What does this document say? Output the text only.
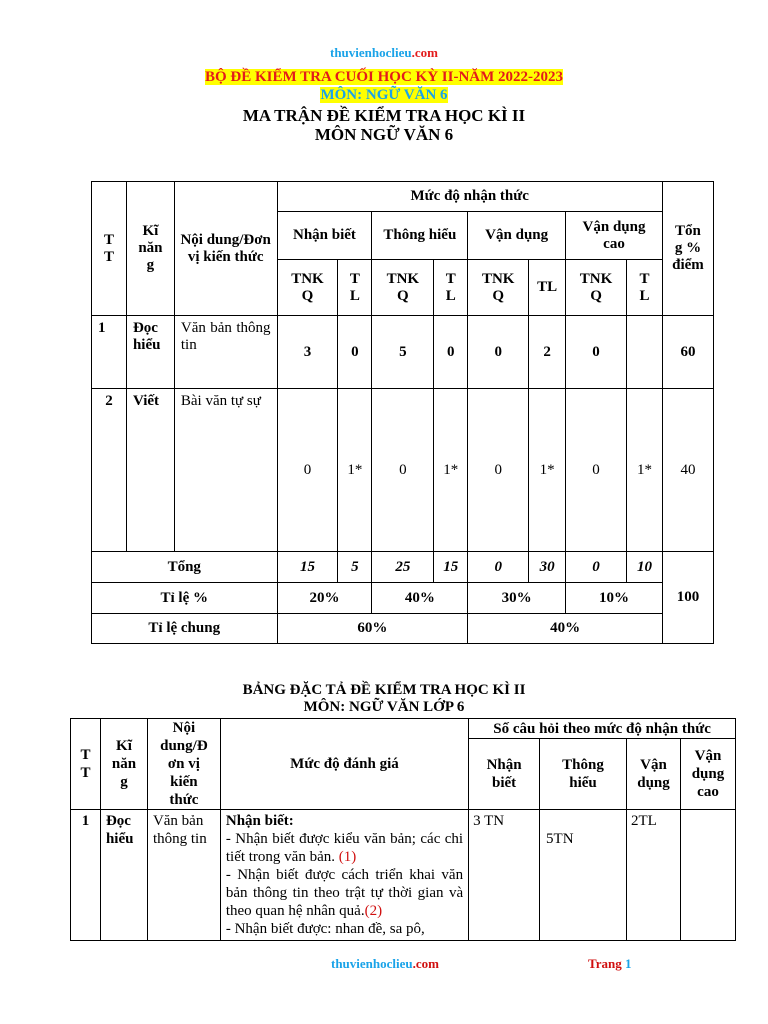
thuvienhoclieu.com
BỘ ĐỀ KIỂM TRA CUỐI HỌC KỲ II-NĂM 2022-2023
MÔN: NGỮ VĂN 6
MA TRẬN ĐỀ KIỂM TRA HỌC KÌ II
MÔN NGỮ VĂN 6
T T	Kĩ năn g	Nội dung/Đơn vị kiến thức	Mức độ nhận thức								Tổn g % điểm
			Nhận biết		Thông hiểu		Vận dụng		Vận dụng cao		
			TNK Q	T L	TNK Q	T L	TNK Q	TL	TNK Q	T L	
1	Đọc hiểu	Văn bản thông tin	3	0	5	0	0	2	0		60
2	Viết	Bài văn tự sự	0	1*	0	1*	0	1*	0	1*	40
Tổng			15	5	25	15	0	30	0	10	100
Tỉ lệ %			20%		40%		30%		10%		
Tỉ lệ chung			60%				40%				
BẢNG ĐẶC TẢ ĐỀ KIỂM TRA HỌC KÌ II
MÔN: NGỮ VĂN LỚP 6
T T	Kĩ năn g	Nội dung/Đ ơn vị kiến thức	Mức độ đánh giá	Số câu hỏi theo mức độ nhận thức			
				Nhận biết	Thông hiểu	Vận dụng	Vận dụng cao
1	Đọc hiểu	Văn bản thông tin	Nhận biết:
- Nhận biết được kiểu văn bản; các chi tiết trong văn bản. (1)
- Nhận biết được cách triển khai văn bản thông tin theo trật tự thời gian và theo quan hệ nhân quả.(2)
- Nhận biết được: nhan đề, sa pô,	3 TN	5TN	2TL	
thuvienhoclieu.com	Trang 1
